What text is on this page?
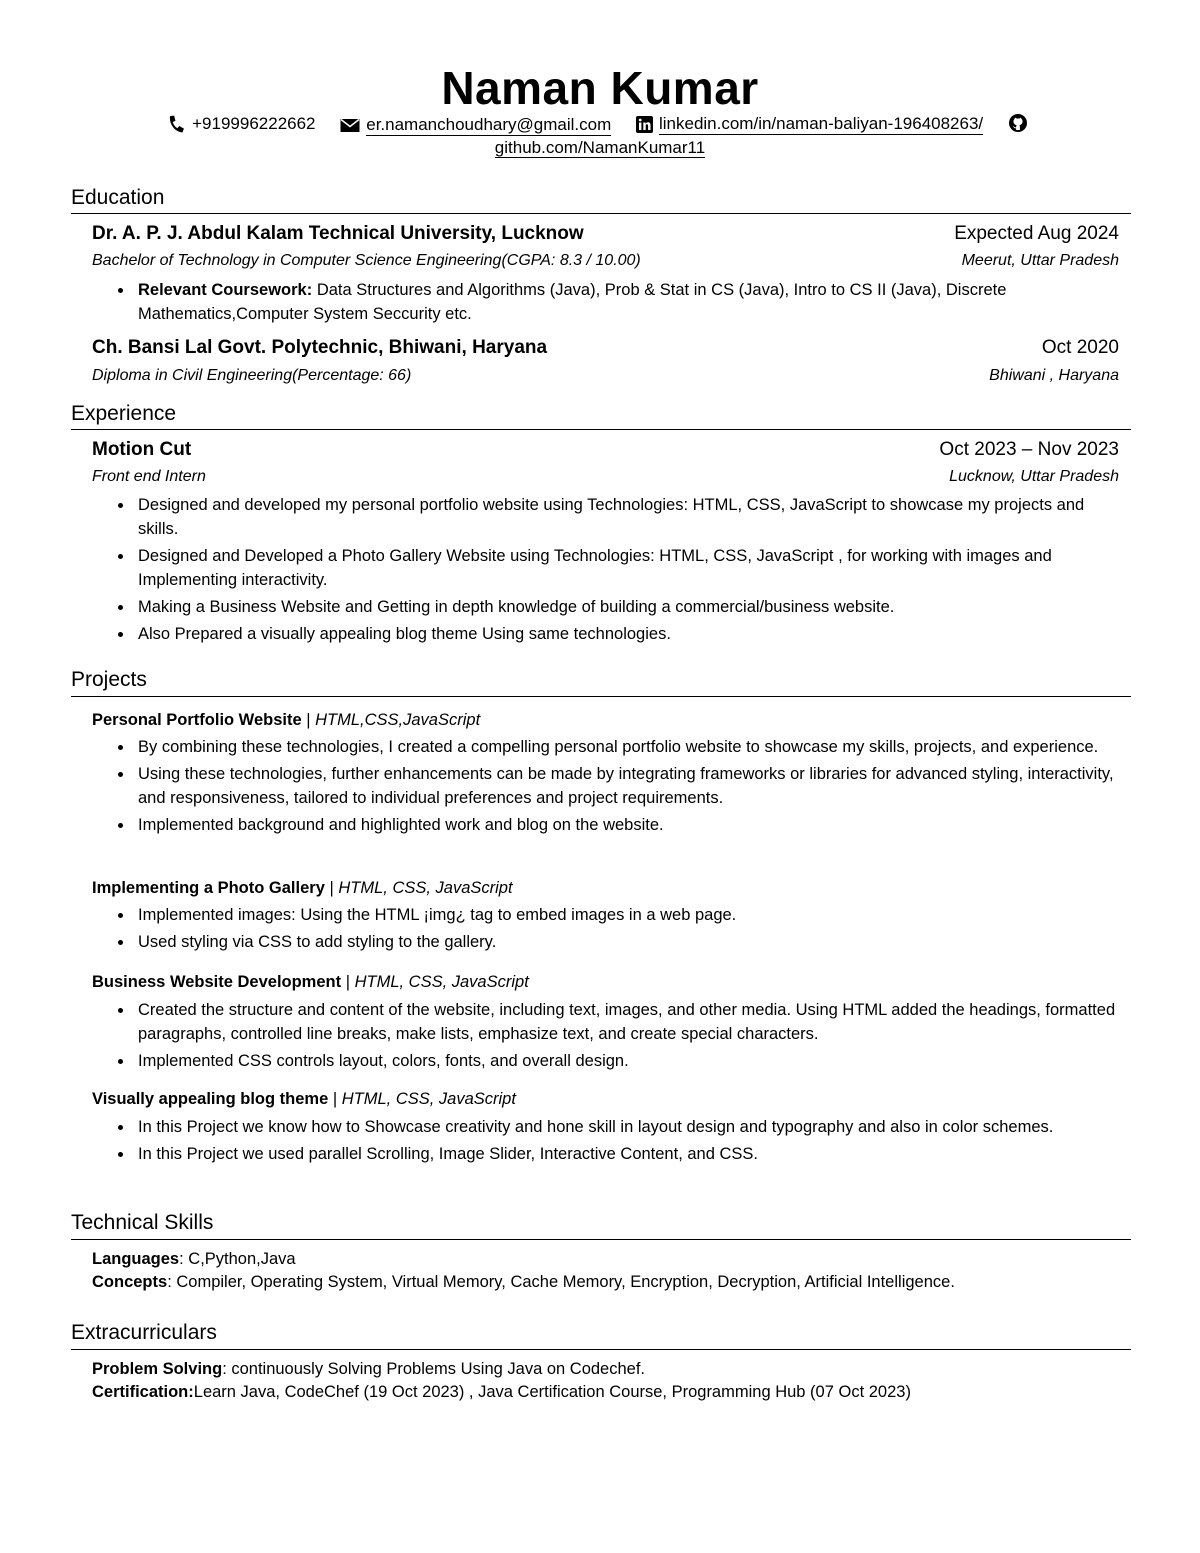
Naman Kumar
+919996222662
	er.namanchoudhary@gmail.com
	linkedin.com/in/naman-baliyan-196408263/

github.com/NamanKumar11
Education
Dr. A. P. J. Abdul Kalam Technical University, Lucknow	Expected Aug 2024
Bachelor of Technology in Computer Science Engineering(CGPA: 8.3 / 10.00)	Meerut, Uttar Pradesh
Relevant Coursework: Data Structures and Algorithms (Java), Prob & Stat in CS (Java), Intro to CS II (Java), Discrete Mathematics,Computer System Seccurity etc.
Ch. Bansi Lal Govt. Polytechnic, Bhiwani, Haryana	Oct 2020
Diploma in Civil Engineering(Percentage: 66)	Bhiwani , Haryana
Experience
Motion Cut	Oct 2023 – Nov 2023
Front end Intern	Lucknow, Uttar Pradesh
Designed and developed my personal portfolio website using Technologies: HTML, CSS, JavaScript to showcase my projects and skills.
Designed and Developed a Photo Gallery Website using Technologies: HTML, CSS, JavaScript , for working with images and Implementing interactivity.
Making a Business Website and Getting in depth knowledge of building a commercial/business website.
Also Prepared a visually appealing blog theme Using same technologies.
Projects
Personal Portfolio Website | HTML,CSS,JavaScript
By combining these technologies, I created a compelling personal portfolio website to showcase my skills, projects, and experience.
Using these technologies, further enhancements can be made by integrating frameworks or libraries for advanced styling, interactivity, and responsiveness, tailored to individual preferences and project requirements.
Implemented background and highlighted work and blog on the website.
Implementing a Photo Gallery | HTML, CSS, JavaScript
Implemented images: Using the HTML ¡img¿ tag to embed images in a web page.
Used styling via CSS to add styling to the gallery.
Business Website Development | HTML, CSS, JavaScript
Created the structure and content of the website, including text, images, and other media. Using HTML added the headings, formatted paragraphs, controlled line breaks, make lists, emphasize text, and create special characters.
Implemented CSS controls layout, colors, fonts, and overall design.
Visually appealing blog theme | HTML, CSS, JavaScript
In this Project we know how to Showcase creativity and hone skill in layout design and typography and also in color schemes.
In this Project we used parallel Scrolling, Image Slider, Interactive Content, and CSS.
Technical Skills
Languages: C,Python,Java
Concepts: Compiler, Operating System, Virtual Memory, Cache Memory, Encryption, Decryption, Artificial Intelligence.
Extracurriculars
Problem Solving: continuously Solving Problems Using Java on Codechef.
Certification:Learn Java, CodeChef (19 Oct 2023) , Java Certification Course, Programming Hub (07 Oct 2023)
